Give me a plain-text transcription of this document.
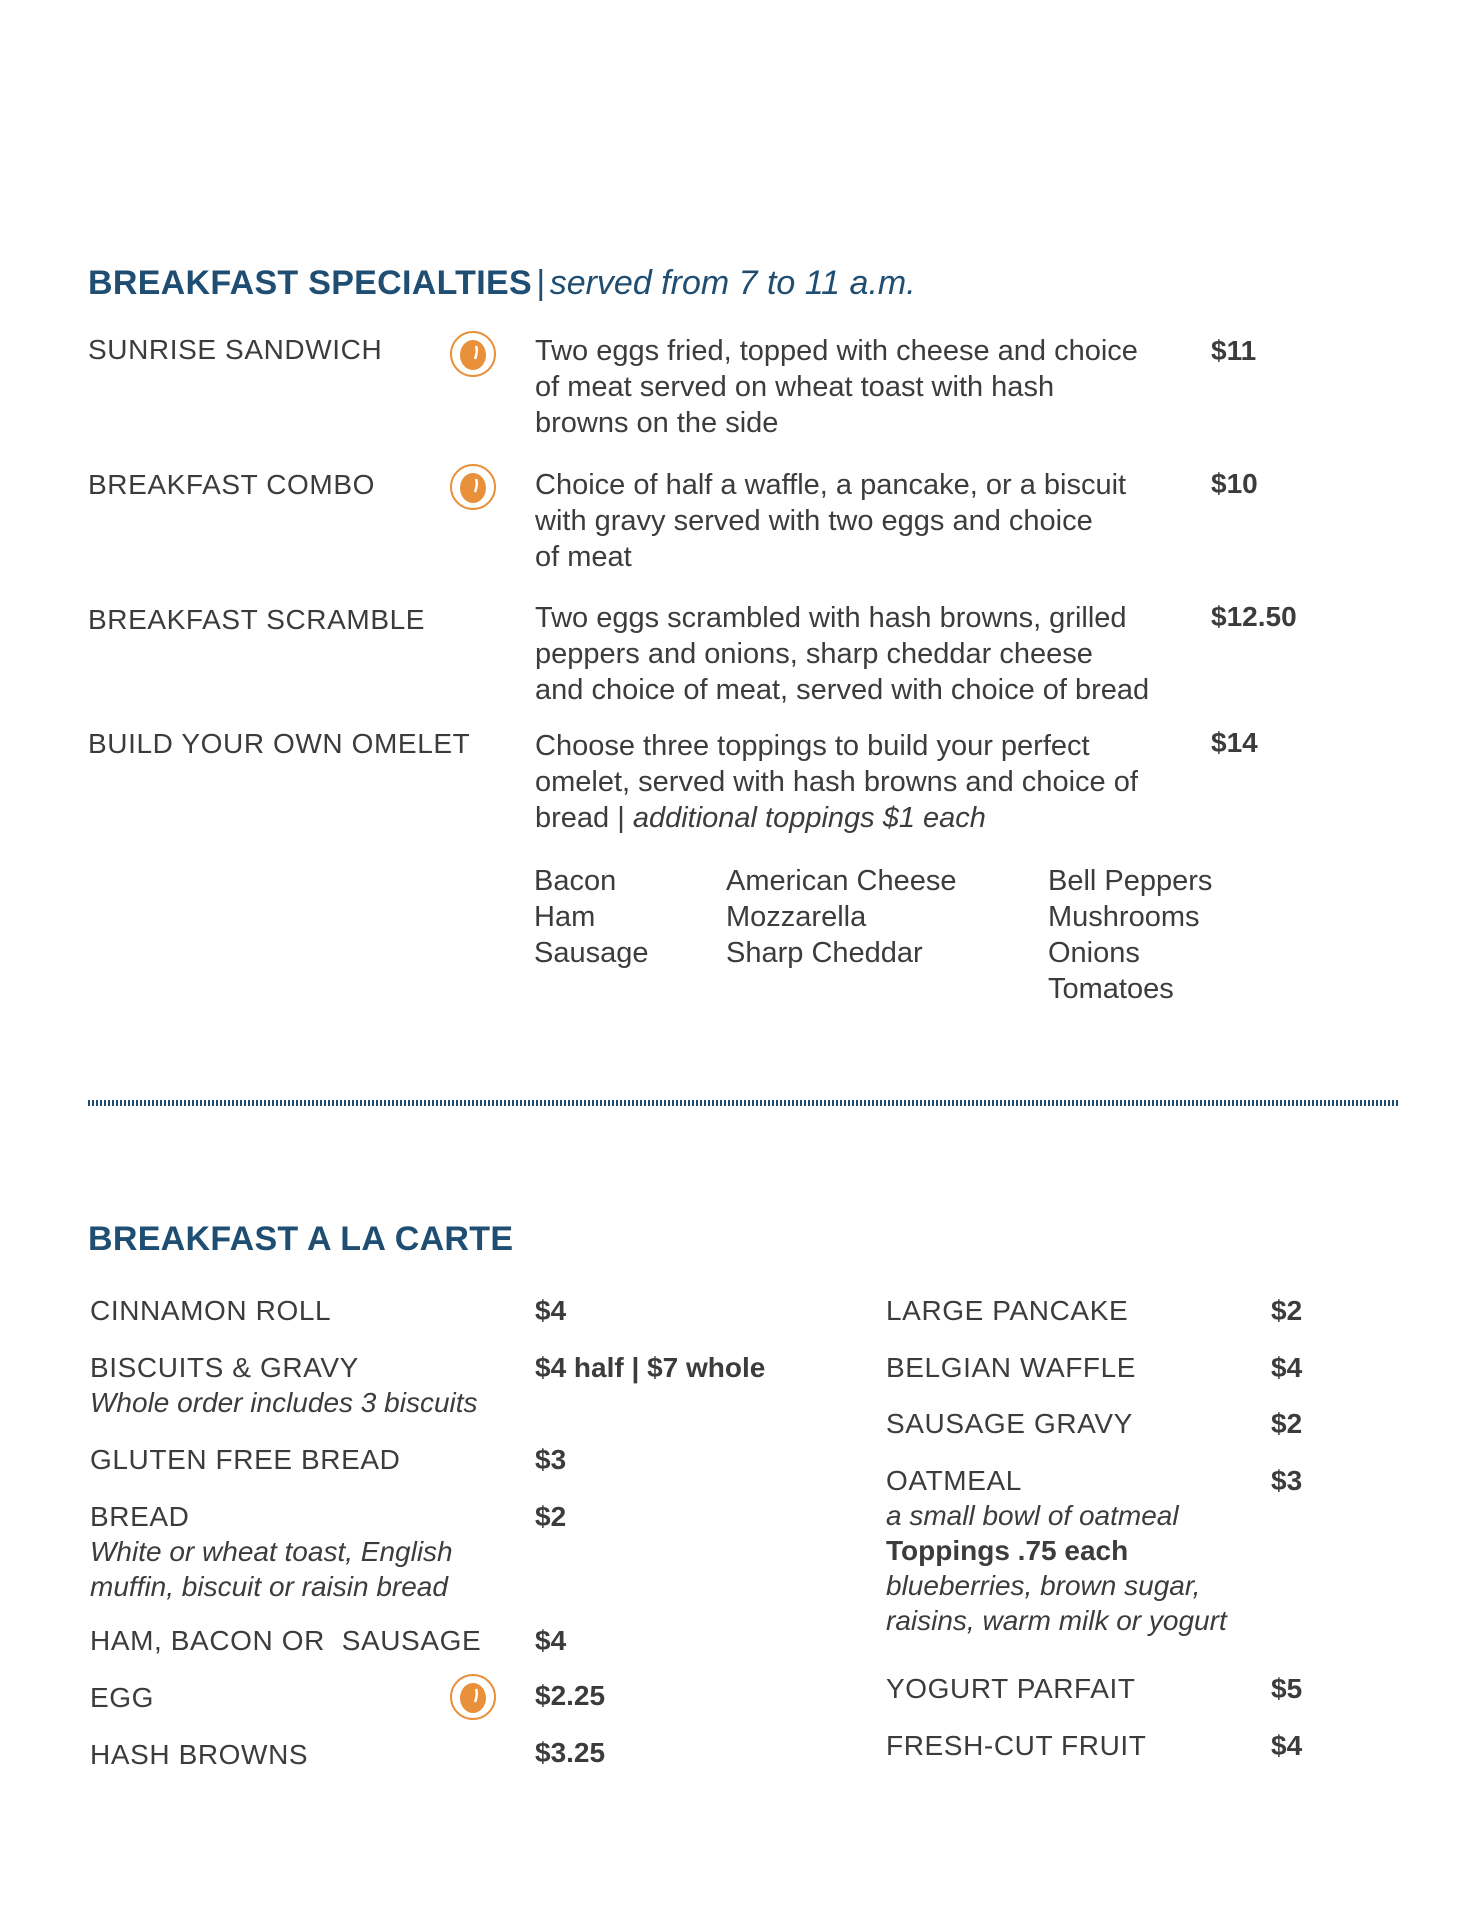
BREAKFAST SPECIALTIES | served from 7 to 11 a.m.
SUNRISE SANDWICH	Two eggs fried, topped with cheese and choice
of meat served on wheat toast with hash
browns on the side
$11
BREAKFAST COMBO	Choice of half a waffle, a pancake, or a biscuit
with gravy served with two eggs and choice
of meat
$10
BREAKFAST SCRAMBLE	Two eggs scrambled with hash browns, grilled
peppers and onions, sharp cheddar cheese
and choice of meat, served with choice of bread
$12.50
BUILD YOUR OWN OMELET Choose three toppings to build your perfect
omelet, served with hash browns and choice of
bread | additional toppings $1 each
$14
Bacon
Ham
Sausage
American Cheese
Mozzarella
Sharp Cheddar
Bell Peppers
Mushrooms
Onions
Tomatoes
BREAKFAST A LA CARTE
CINNAMON ROLL	$4
BISCUITS & GRAVY
Whole order includes 3 biscuits
$4 half | $7 whole
GLUTEN FREE BREAD	$3
BREAD
White or wheat toast, English
muffin, biscuit or raisin bread
$2
HAM, BACON OR  SAUSAGE $4
EGG	$2.25
HASH BROWNS	$3.25
LARGE PANCAKE	$2
BELGIAN WAFFLE	$4
SAUSAGE GRAVY	$2
OATMEAL	$3
a small bowl of oatmeal
Toppings .75 each
blueberries, brown sugar,
raisins, warm milk or yogurt
YOGURT PARFAIT	$5
FRESH-CUT FRUIT	$4
